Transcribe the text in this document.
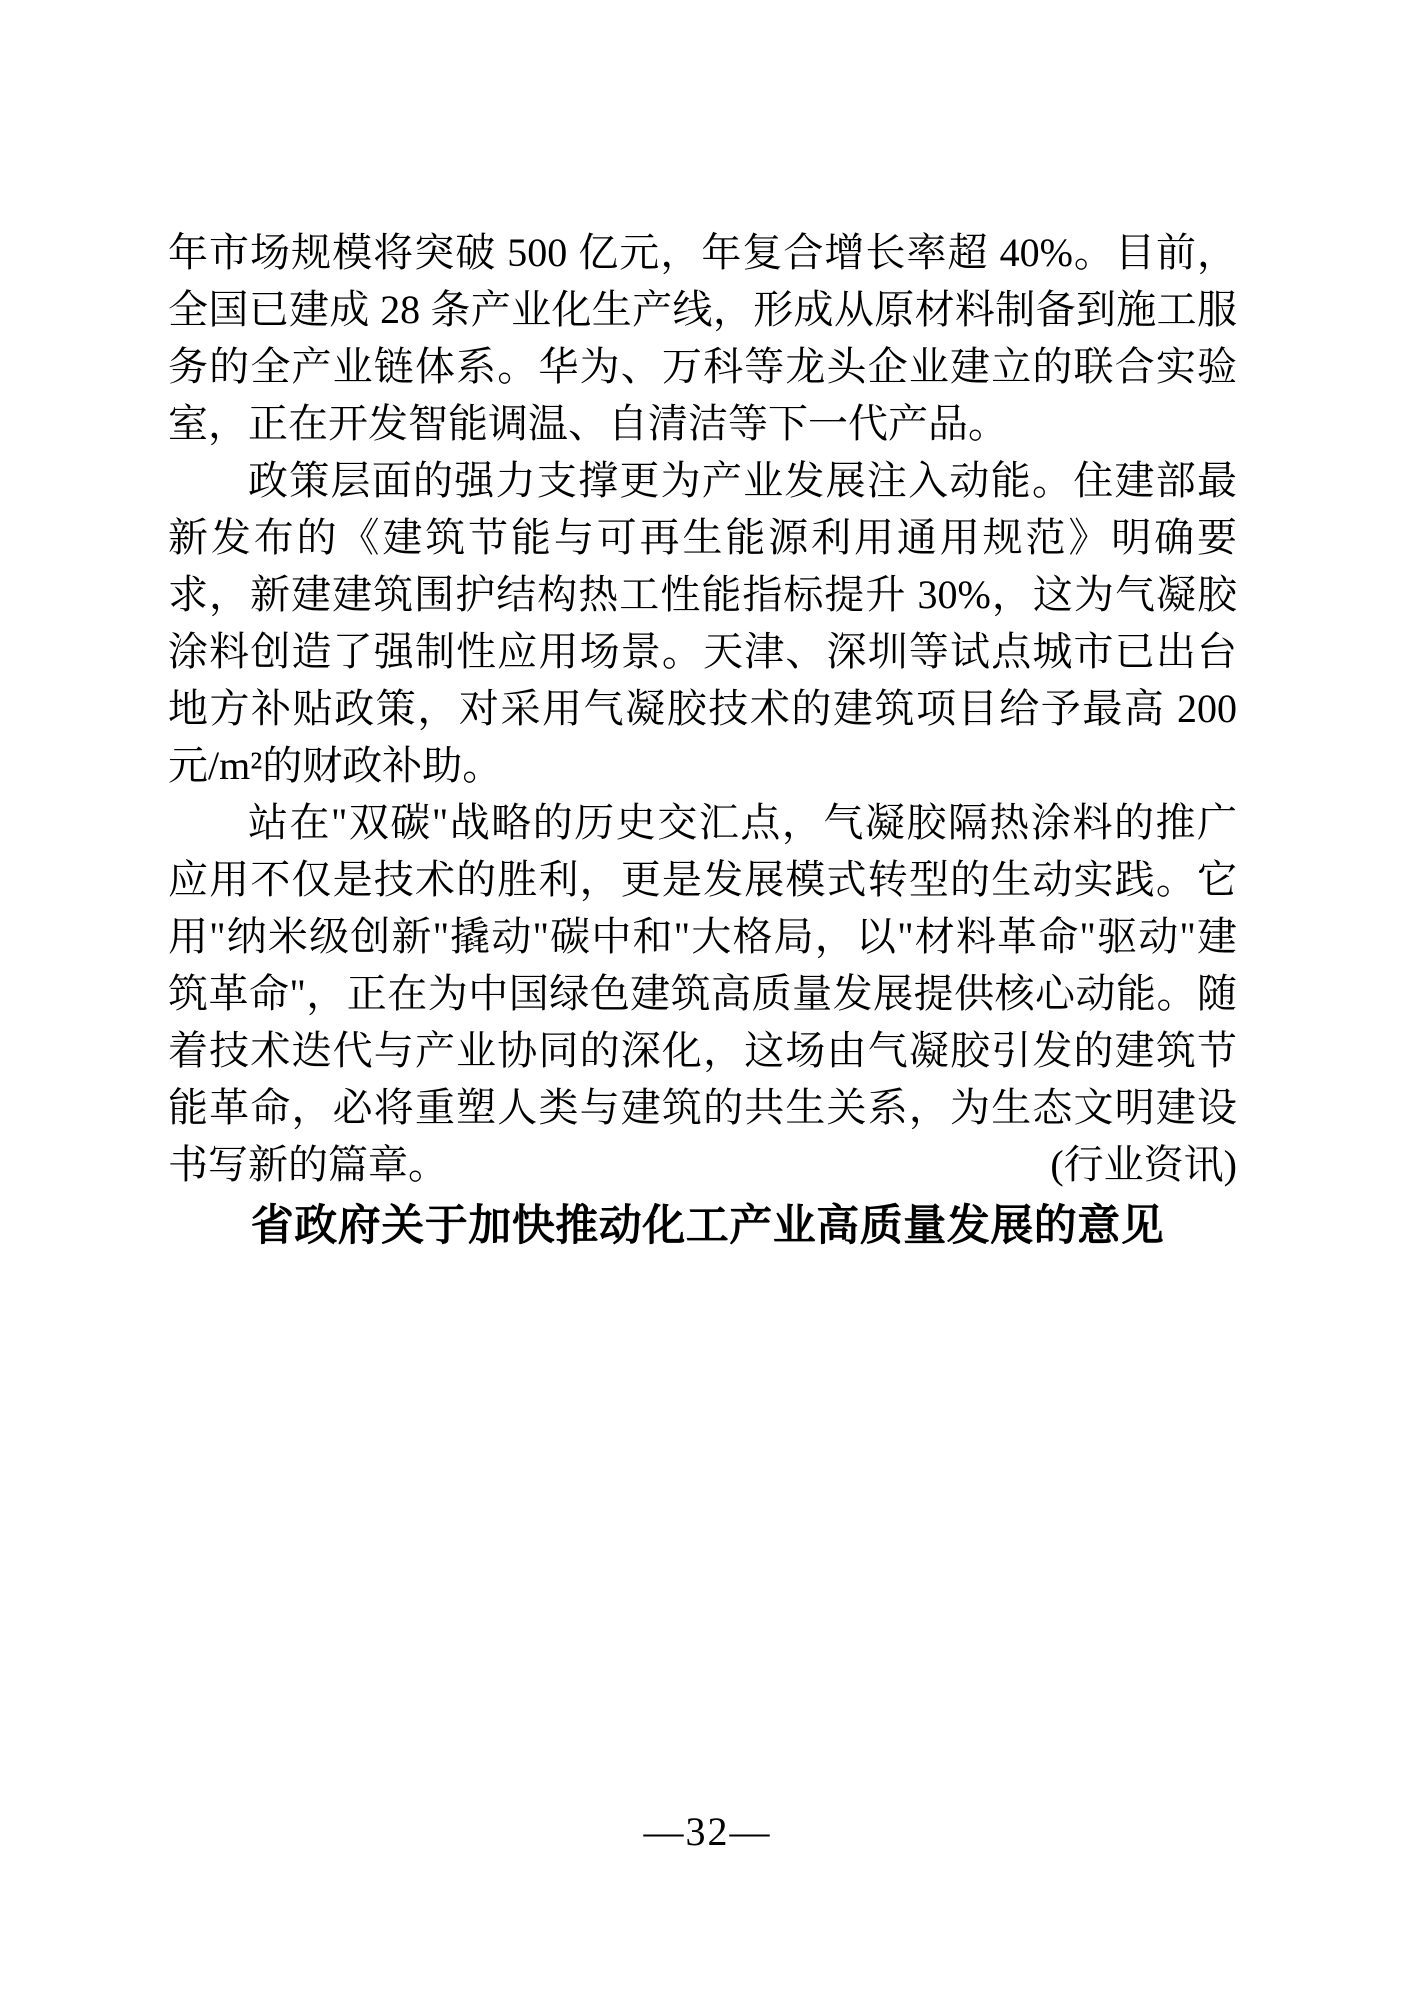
年市场规模将突破 500 亿元，年复合增长率超 40%。目前，全国已建成 28 条产业化生产线，形成从原材料制备到施工服务的全产业链体系。华为、万科等龙头企业建立的联合实验室，正在开发智能调温、自清洁等下一代产品。

政策层面的强力支撑更为产业发展注入动能。住建部最新发布的《建筑节能与可再生能源利用通用规范》明确要求，新建建筑围护结构热工性能指标提升 30%，这为气凝胶涂料创造了强制性应用场景。天津、深圳等试点城市已出台地方补贴政策，对采用气凝胶技术的建筑项目给予最高 200 元/m²的财政补助。

站在"双碳"战略的历史交汇点，气凝胶隔热涂料的推广应用不仅是技术的胜利，更是发展模式转型的生动实践。它用"纳米级创新"撬动"碳中和"大格局，以"材料革命"驱动"建筑革命"，正在为中国绿色建筑高质量发展提供核心动能。随着技术迭代与产业协同的深化，这场由气凝胶引发的建筑节能革命，必将重塑人类与建筑的共生关系，为生态文明建设书写新的篇章。	(行业资讯)

省政府关于加快推动化工产业高质量发展的意见
—32—
